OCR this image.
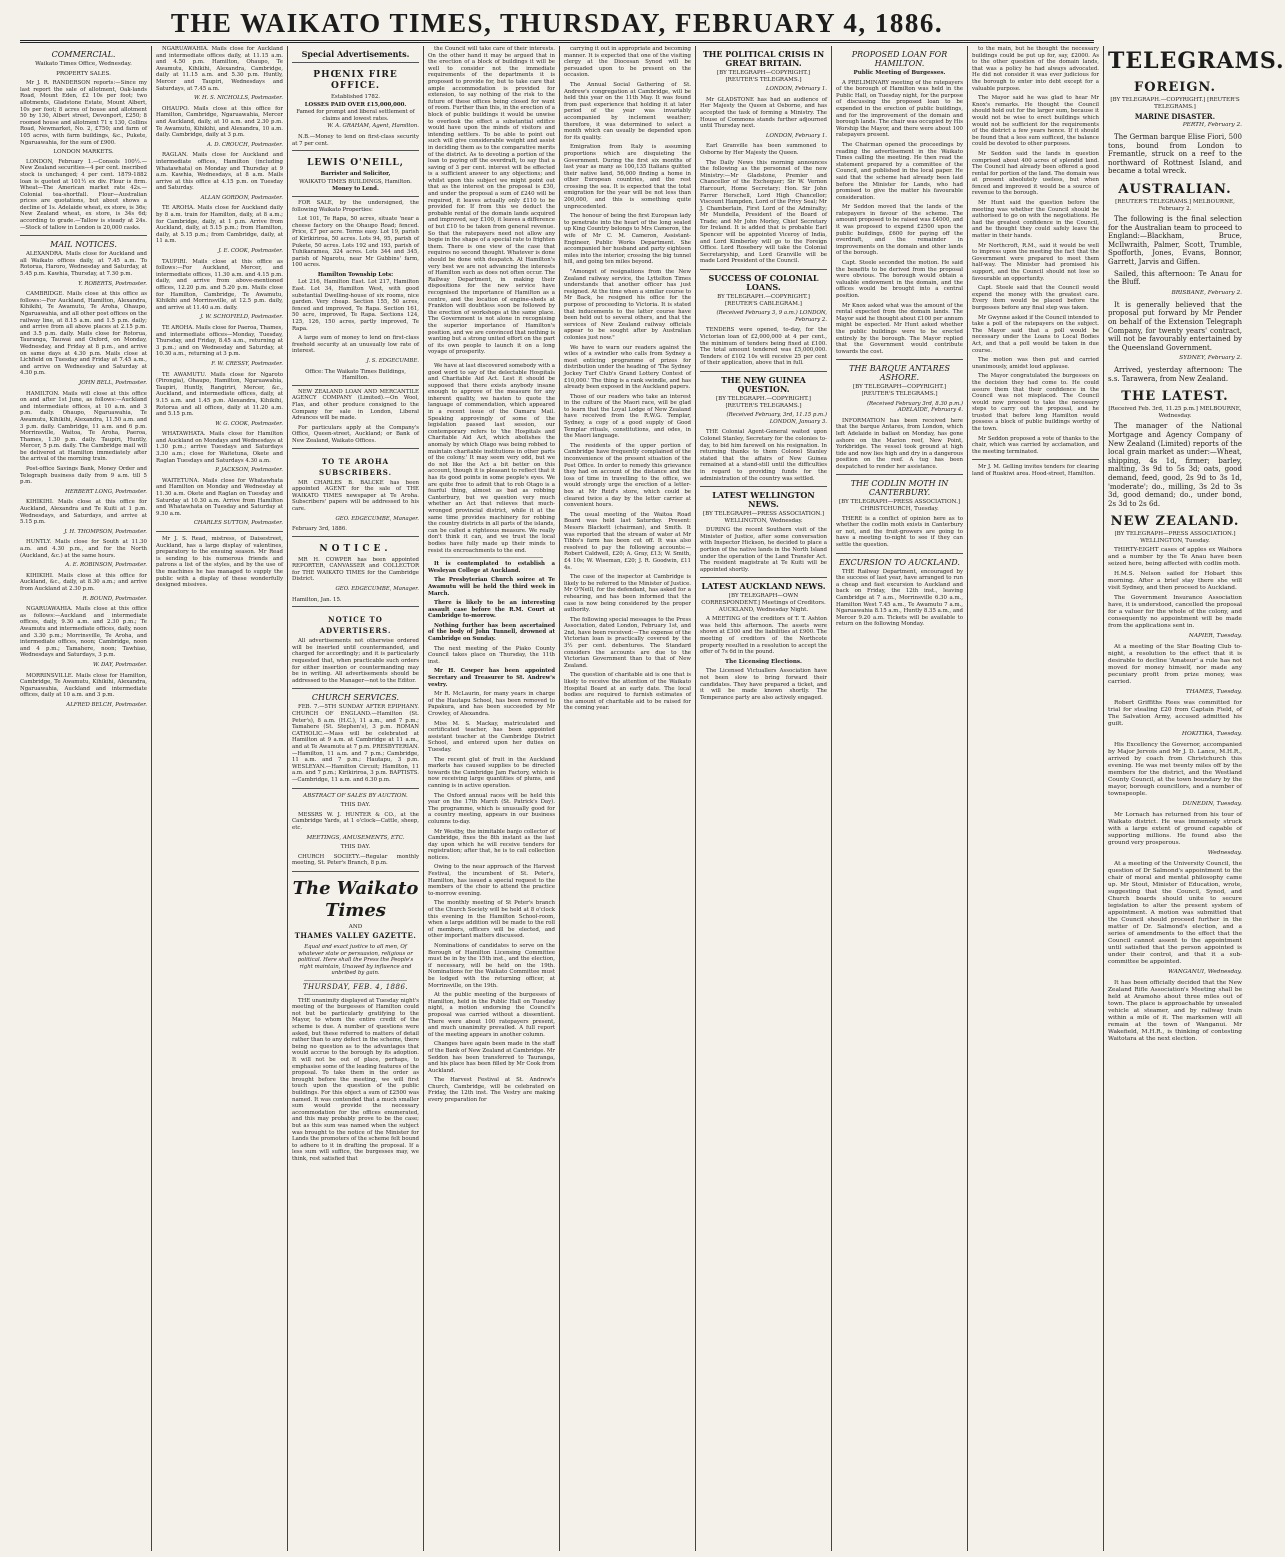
THE WAIKATO TIMES, THURSDAY, FEBRUARY 4, 1886.
COMMERCIAL.
Waikato Times Office, Wednesday.
PROPERTY SALES.

Mr J. R. RANDERSON reports:—Since my last report the sale of allotment, Oak-lands Road, Mount Eden, £2 10s per foot; two allotments, Gladstone Estate, Mount Albert, 10s per foot; 8 acres of house and allotment 50 by 130, Albert street, Devonport, £250; 8 roomed house and allotment 71 x 130, Collins Road, Newmarket, No. 2, £750; and farm of 105 acres, with farm buildings, &c., Pukete, Ngaruawahia, for the sum of £900.

LONDON MARKETS.

LONDON, February 1.—Consols 100½.—New Zealand securities—4 per cent. inscribed stock is unchanged; 4 per cent. 1879-1882 loan is quoted at 101½ ex div. Flour is firm. Wheat—The American market rate 42s.—Colonial tea-shortfall. Flour—Australian prices are quotations, but about shows a decline of 1s. Adelaide wheat, ex store, is 36s; New Zealand wheat, ex store, is 34s 6d; according to grade.—Tallow is steady at 24s.—Stock of tallow in London is 20,000 casks.

MAIL NOTICES.

ALEXANDRA. Mails close for Auckland and all Waikato offices daily, at 7.45 a.m. To Rotorua, Haroro, Wednesday and Saturday, at 5.45 p.m. Kawhia, Thursday, at 7.30 p.m.

Y. ROBERTS, Postmaster.

CAMBRIDGE. Mails close at this office as follows:—For Auckland, Hamilton, Alexandra, Kihikihi, Te Awamutu, Te Aroha, Ohaupo, Ngaruawahia, and all other post offices on the railway line, at 8.15 a.m. and 1.5 p.m. daily; and arrive from all above places at 2.15 p.m. and 3.5 p.m. daily. Mails close for Rotorua, Tauranga, Tauwai and Oxford, on Monday, Wednesday, and Friday at 8 p.m., and arrive on same days at 4.30 p.m. Mails close at Lichfield on Tuesday and Friday at 7.45 a.m., and arrive on Wednesday and Saturday at 4.30 p.m.

JOHN BELL, Postmaster.

HAMILTON. Mails will close at this office on and after 1st June, as follows:—Auckland and intermediate offices, at 10 a.m. and 3 p.m. daily. Ohaupo, Ngaruawahia, Te Awamutu, Kihikihi, Alexandra, 11.50 a.m. and 3 p.m. daily. Cambridge, 11 a.m. and 6 p.m. Morrinsville, Waitoa, Te Aroha, Paeroa, Thames, 1.30 p.m. daily. Taupiri, Huntly, Mercer, 5 p.m. daily. The Cambridge mail will be delivered at Hamilton immediately after the arrival of the morning train.

Post-office Savings Bank, Money Order and Telegraph business daily from 9 a.m. till 5 p.m.

HERBERT LONG, Postmaster.

KIHIKIHI. Mails close at this office for Auckland, Alexandra and Te Kuiti at 1 p.m. Wednesdays, and Saturdays, and arrive at 5.15 p.m.

J. H. THOMPSON, Postmaster.

HUNTLY. Mails close for South at 11.30 a.m. and 4.30 p.m., and for the North (Auckland, &c.) at the same hours.

A. E. ROBINSON, Postmaster.

KIHIKIHI. Mails close at this office for Auckland, &c., daily, at 8.30 a.m.; and arrive from Auckland at 2.30 p.m.

R. BOUND, Postmaster.

NGARUAWAHIA. Mails close at this office as follows:—Auckland and intermediate offices, daily, 9.30 a.m. and 2.30 p.m.; Te Awamutu and intermediate offices, daily, noon and 3.30 p.m.; Morrinsville, Te Aroha, and intermediate offices, noon; Cambridge, noon and 4 p.m.; Tamahere, noon; Tawhiao, Wednesdays and Saturdays, 3 p.m.

W. DAY, Postmaster.

MORRINSVILLE. Mails close for Hamilton, Cambridge, Te Awamutu, Kihikihi, Alexandra, Ngaruawahia, Auckland and intermediate offices, daily at 10 a.m. and 3 p.m.

ALFRED BELCH, Postmaster.

NGARUAWAHIA. Mails close for Auckland and intermediate offices daily, at 11.15 a.m. and 4.50 p.m. Hamilton, Ohaupo, Te Awamutu, Kihikihi, Alexandra, Cambridge, daily at 11.15 a.m. and 5.30 p.m. Huntly, Mercer and Taupiri, Wednesdays and Saturdays, at 7.45 a.m.

W. H. S. NICHOLLS, Postmaster.

OHAUPO. Mails close at this office for Hamilton, Cambridge, Ngaruawahia, Mercer and Auckland, daily, at 10 a.m. and 2.30 p.m. Te Awamutu, Kihikihi, and Alexandra, 10 a.m. daily. Cambridge, daily at 3 p.m.

A. D. CROUCH, Postmaster.

RAGLAN. Mails close for Auckland and intermediate offices, Hamilton (including Whatawhata) on Monday and Thursday at 9 a.m. Kawhia, Wednesdays, at 8 a.m. Mails arrive at this office at 4.15 p.m. on Tuesday and Saturday.

ALLAN GORDON, Postmaster.

TE AROHA. Mails close for Auckland daily by 8 a.m. train for Hamilton, daily, at 8 a.m.; for Cambridge, daily, at 1 p.m. Arrive from Auckland, daily, at 5.15 p.m.; from Hamilton, daily, at 5.15 p.m.; from Cambridge, daily, at 11 a.m.

J. E. COOK, Postmaster.

TAUPIRI. Mails close at this office as follows:—For Auckland, Mercer, and intermediate offices, 11.30 a.m. and 4.15 p.m. daily, and arrive from above-mentioned offices, 12.20 p.m. and 5.20 p.m. Mails close for Hamilton, Cambridge, Te Awamutu, Kihikihi and Morrinsville, at 12.5 p.m. daily, and arrive at 11.40 a.m. daily.

J. W. SCHOFIELD, Postmaster.

TE AROHA. Mails close for Paeroa, Thames, and intermediate offices—Monday, Tuesday, Thursday, and Friday, 8.45 a.m., returning at 3 p.m.; and on Wednesday and Saturday, at 10.30 a.m., returning at 3 p.m.

F. W. CRESSY, Postmaster.

TE AWAMUTU. Mails close for Ngaroto (Pirongia), Ohaupo, Hamilton, Ngaruawahia, Taupiri, Huntly, Rangiriri, Mercer, &c., Auckland, and intermediate offices, daily, at 9.15 a.m. and 1.45 p.m. Alexandra, Kihikihi, Rotorua and all offices, daily at 11.20 a.m. and 5.15 p.m.

W. G. COOK, Postmaster.

WHATAWHATA. Mails close for Hamilton and Auckland on Mondays and Wednesdays at 1.30 p.m.; arrive Tuesdays and Saturdays 3.30 a.m.; close for Waitetuna, Okete and Raglan Tuesdays and Saturdays 4.30 a.m.

P. JACKSON, Postmaster.

WAITETUNA. Mails close for Whatawhata and Hamilton on Monday and Wednesday at 11.30 a.m. Okete and Raglan on Tuesday and Saturday at 10.30 a.m. Arrive from Hamilton and Whatawhata on Tuesday and Saturday at 9.30 a.m.

CHARLES SUTTON, Postmaster.

Mr J. S. Read, mistress, of Daisestreet, Auckland, has a large display of valentines, preparatory to the ensuing season. Mr Read is sending to his numerous friends and patrons a list of the styles, and by the use of the machines he has managed to supply the public with a display of these wonderfully designed missives.

Special Advertisements.
PHŒNIX FIRE OFFICE.
Established 1782.
LOSSES PAID OVER £15,000,000.
Famed for prompt and liberal settlement of claims and lowest rates.
W. A. GRAHAM, Agent, Hamilton.

N.B.—Money to lend on first-class security at 7 per cent.

LEWIS O'NEILL,
Barrister and Solicitor,
WAIKATO TIMES BUILDINGS, Hamilton.
Money to Lend.

FOR SALE, by the undersigned, the following Waikato Properties:

Lot 101, Te Rapa, 50 acres, situate 'near a cheese factory on the Ohaupo Road; fenced. Price, £7 per acre. Terms easy. Lot 19, parish of Kirikiriroa, 50 acres. Lots 94, 95, parish of Pukete, 50 acres. Lots 192 and 193, parish of Tuhikaramea, 324 acres. Lots 344 and 345, parish of Ngarotu, near Mr Gubbins' farm, 100 acres.

Hamilton Township Lots:

Lot 216, Hamilton East. Lot 217, Hamilton East. Lot 34, Hamilton West, with good substantial Dwelling-house of six rooms, nice garden. Very cheap. Section 155, 50 acres, fenced and improved, Te Rapa. Section 161, 50 acre, improved, Te Rapa. Sections 124, 125, 126, 150 acres, partly improved, Te Rapa.

A large sum of money to lend on first-class freehold security at an unusually low rate of interest.

J. S. EDGECUMBE.
Office: The Waikato Times Buildings, Hamilton.

NEW ZEALAND LOAN AND MERCANTILE AGENCY COMPANY (Limited).—On Wool, Flax, and other produce consigned to the Company for sale in London, Liberal Advances will be made.

For particulars apply at the Company's Office, Queen-street, Auckland; or Bank of New Zealand, Waikato Offices.

TO TE AROHA SUBSCRIBERS.

MR CHARLES B. BALCKE has been appointed AGENT for the sale of THE WAIKATO TIMES newspaper at Te Aroha. Subscribers' papers will be addressed to his care.

GEO. EDGECUMBE, Manager.
February 3rd, 1886.
NOTICE.

MR H. COWPER has been appointed REPORTER, CANVASSER and COLLECTOR for THE WAIKATO TIMES for the Cambridge District.

GEO. EDGECUMBE, Manager.
Hamilton, Jan. 15.
NOTICE TO ADVERTISERS.

All advertisements not otherwise ordered will be inserted until countermanded, and charged for accordingly; and it is particularly requested that, when practicable such orders for either insertion or countermanding may be in writing. All advertisements should be addressed to the Manager—not to the Editor.

CHURCH SERVICES.

FEB. 7.—5TH SUNDAY AFTER EPIPHANY. CHURCH OF ENGLAND.—Hamilton (St. Peter's), 8 a.m. (H.C.), 11 a.m., and 7 p.m.; Tamahere (St. Stephen's), 3 p.m. ROMAN CATHOLIC.—Mass will be celebrated at Hamilton at 9 a.m. at Cambridge at 11 a.m., and at Te Awamutu at 7 p.m. PRESBYTERIAN.—Hamilton, 11 a.m. and 7 p.m.; Cambridge, 11 a.m. and 7 p.m.; Hautapu, 3 p.m. WESLEYAN.—Hamilton Circuit; Hamilton, 11 a.m. and 7 p.m.; Kirikiriroa, 3 p.m. BAPTISTS.—Cambridge, 11 a.m. and 6.30 p.m.

ABSTRACT OF SALES BY AUCTION.
THIS DAY.

MESSRS W. J. HUNTER & CO., at the Cambridge Yards, at 1 o'clock—Cattle, sheep, etc.

MEETINGS, AMUSEMENTS, ETC.
THIS DAY.

CHURCH SOCIETY.—Regular monthly meeting, St. Peter's Branch, 8 p.m.

The Waikato Times
AND
THAMES VALLEY GAZETTE.

Equal and exact justice to all men, Of whatever state or persuasion, religious or political. Here shall the Press the People's right maintain, Unawed by influence and unbribed by gain.

THURSDAY, FEB. 4, 1886.

THE unanimity displayed at Tuesday night's meeting of the burgesses of Hamilton could not but be particularly gratifying to the Mayor, to whom the entire credit of the scheme is due. A number of questions were asked, but these referred to matters of detail rather than to any defect in the scheme, there being no question as to the advantages that would accrue to the borough by its adoption. It will not be out of place, perhaps, to emphasise some of the leading features of the proposal. To take them in the order as brought before the meeting, we will first touch upon the question of the public buildings. For this object a sum of £2500 was named. It was contended that a much smaller sum would provide the necessary accommodation for the offices enumerated, and this may probably prove to be the case; but as this sum was named when the subject was brought to the notice of the Minister for Lands the promoters of the scheme felt bound to adhere to it in drafting the proposal. If a less sum will suffice, the burgesses may, we think, rest satisfied that

the Council will take care of their interests. On the other hand it may be argued that in the erection of a block of buildings it will be well to consider not the immediate requirements of the departments it is proposed to provide for, but to take care that ample accommodation is provided for extension, to say nothing of the risk to the future of these offices being closed for want of room. Further than this, in the erection of a block of public buildings it would be unwise to overlook the effect a substantial edifice would have upon the minds of visitors and intending settlers. To be able to point out such will give considerable weight and assist in deciding them as to the comparative merits of the district. As to devoting a portion of the loan to paying off the overdraft, to say that a saving of 3 per cent. interest will be effected is a sufficient answer to any objections; and whilst upon this subject we might point out that as the interest on the proposal is £30, and under the proposal a sum of £240 will be required, it leaves actually only £110 to be provided for. If from this we deduct the probable rental of the domain lands acquired and improved, say £100, it leaves a difference of but £10 to be taken from general revenue. So that the ratepayers need not allow any bogie in the shape of a special rate to frighten them. There is one view of the case that requires no second thought. Whatever is done should be done with despatch. At Hamilton's very best we are not advancing the interests of Hamilton such as does not often occur. The Railway Department, in making their dispositions for the new service have recognised the importance of Hamilton as a centre, and the location of engine-sheds at Frankton will doubtless soon be followed by the erection of workshops at the same place. The Government is not alone in recognising the superior importance of Hamilton's position, and we are convinced that nothing is wanting but a strong united effort on the part of its own people to launch it on a long voyage of prosperity.

We have at last discovered somebody with a good word to say of the delectable Hospitals and Charitable Aid Act. Lest it should be supposed that there exists anybody insane enough to approve of the measure for any inherent quality, we hasten to quote the language of commendation, which appeared in a recent issue of the Oamaru Mail. Speaking approvingly of some of the legislation passed last session, our contemporary refers to 'the Hospitals and Charitable Aid Act, which abolishes the anomaly by which Otago was being robbed to maintain charitable institutions in other parts of the colony.' It may seem very odd, but we do not like the Act a bit better on this account, though it is pleasant to reflect that it has its good points in some people's eyes. We are quite free to admit that to rob Otago is a fearful thing, almost as bad as robbing Canterbury, but we question very much whether an Act that relieves that much-wronged provincial district, while it at the same time provides machinery for robbing the country districts in all parts of the islands, can be called a righteous measure. We really don't think it can, and we trust the local bodies have fully made up their minds to resist its encroachments to the end.

It is contemplated to establish a Wesleyan College at Auckland.

The Presbyterian Church soiree at Te Awamutu will be held the third week in March.

There is likely to be an interesting assault case before the R.M. Court at Cambridge to-morrow.

Nothing further has been ascertained of the body of John Tunnell, drowned at Cambridge on Sunday.

The next meeting of the Piako County Council takes place on Thursday, the 11th inst.

Mr H. Cowper has been appointed Secretary and Treasurer to St. Andrew's vestry.

Mr R. McLaurin, for many years in charge of the Hautapu School, has been removed to Papakura, and has been succeeded by Mr Crowley, of Alexandra.

Miss M. S. Mackay, matriculated and certificated teacher, has been appointed assistant teacher at the Cambridge District School, and entered upon her duties on Tuesday.

The recent glut of fruit in the Auckland markets has caused supplies to be directed towards the Cambridge Jam Factory, which is now receiving large quantities of plums, and canning is in active operation.

The Oxford annual races will be held this year on the 17th March (St. Patrick's Day). The programme, which is unusually good for a country meeting, appears in our business columns to-day.

Mr Westby, the inimitable banjo collector of Cambridge, fixes the 8th instant as the last day upon which he will receive tenders for registration; after that, he is to call collection notices.

Owing to the near approach of the Harvest Festival, the incumbent of St. Peter's, Hamilton, has issued a special request to the members of the choir to attend the practice to-morrow evening.

The monthly meeting of St Peter's branch of the Church Society will be held at 8 o'clock this evening in the Hamilton School-room, when a large addition will be made to the roll of members, officers will be elected, and other important matters discussed.

Nominations of candidates to serve on the Borough of Hamilton Licensing Committee must be in by the 15th inst., and the election, if necessary, will be held on the 19th. Nominations for the Waikato Committee must be lodged with the returning officer, at Morrinsville, on the 19th.

At the public meeting of the burgesses of Hamilton, held in the Public Hall on Tuesday night, a motion endorsing the Council's proposal was carried without a dissentient. There were about 100 ratepayers present, and much unanimity prevailed. A full report of the meeting appears in another column.

Changes have again been made in the staff of the Bank of New Zealand at Cambridge. Mr Seddon has been transferred to Tauranga, and his place has been filled by Mr Cook from Auckland.

The Harvest Festival at St. Andrew's Church, Cambridge, will be celebrated on Friday, the 12th inst. The Vestry are making every preparation for

carrying it out in appropriate and becoming manner. It is expected that one of the visiting clergy at the Diocesan Synod will be persuaded upon to be present on the occasion.

The Annual Social Gathering of St. Andrew's congregation at Cambridge, will be held this year on the 11th May. It was found from past experience that holding it at later period of the year was invariably accompanied by inclement weather; therefore, it was determined to select a month which can usually be depended upon for its quality.

Emigration from Italy is assuming proportions which are disquieting the Government. During the first six months of last year as many as 100,135 Italians quitted their native land, 56,000 finding a home in other European countries, and the rest crossing the sea. It is expected that the total emigration for the year will be not less than 200,000, and this is something quite unprecedented.

The honour of being the first European lady to penetrate into the heart of the long sealed up King Country belongs to Mrs Cameron, the wife of Mr C. M. Cameron, Assistant-Engineer, Public Works Department. She accompanied her husband and party eighteen miles into the interior, crossing the big tunnel hill, and going ten miles beyond.

"Amongst of resignations from the New Zealand railway service, the Lyttelton Times understands that another officer has just resigned. At the time when a similar course to Mr Back, he resigned his office for the purpose of proceeding to Victoria. It is stated that inducements to the latter course have been held out to several others, and that the services of New Zealand railway officials appear to be sought after by Australian colonies just now."

We have to warn our readers against the wiles of a swindler who calls from Sydney a most enticing programme of prizes for distribution under the heading of 'The Sydney Jockey Turf Club's Grand Lottery Contest of £10,000.' The thing is a rank swindle, and has already been exposed in the Auckland papers.

Those of our readers who take an interest in the culture of the Maori race, will be glad to learn that the Loyal Lodge of New Zealand have received from the R.W.G. Templar, Sydney, a copy of a good supply of Good Templar rituals, constitutions, and odes, in the Maori language.

The residents of the upper portion of Cambridge have frequently complained of the inconvenience of the present situation of the Post Office. In order to remedy this grievance they had on account of the distance and the loss of time in travelling to the office, we would strongly urge the erection of a letter-box at Mr Reid's store, which could be cleared twice a day by the letter carrier at convenient hours.

The usual meeting of the Waitoa Road Board was held last Saturday. Present: Messrs Blackett (chairman), and Smith. It was reported that the stream of water at Mr Tibbs's farm has been cut off. It was also resolved to pay the following accounts:—Robert Caldwell, £20; A. Gray, £13; W. Smith, £4 10s; W. Wiseman, £20; J. R. Goodwin, £11 4s.

The case of the inspector at Cambridge is likely to be referred to the Minister of Justice. Mr O'Neill, for the defendant, has asked for a rehearing, and has been informed that the case is now being considered by the proper authority.

The following special messages to the Press Association, dated London, February 1st, and 2nd, have been received:—The expense of the Victorian loan is practically covered by the 3½ per cent. debentures. The Standard considers the accounts are due to the Victorian Government than to that of New Zealand.

The question of charitable aid is one that is likely to receive the attention of the Waikato Hospital Board at an early date. The local bodies are required to furnish estimates of the amount of charitable aid to be raised for the coming year.

THE POLITICAL CRISIS IN GREAT BRITAIN.
[BY TELEGRAPH—COPYRIGHT.] [REUTER'S TELEGRAMS.]
LONDON, February 1.

Mr GLADSTONE has had an audience of Her Majesty the Queen at Osborne, and has accepted the task of forming a Ministry. The House of Commons stands further adjourned until Thursday next.

LONDON, February 1.

Earl Granville has been summoned to Osborne by Her Majesty the Queen.

The Daily News this morning announces the following as the personnel of the new Ministry:—Mr Gladstone, Premier and Chancellor of the Exchequer; Sir W. Vernon Harcourt, Home Secretary; Hon. Sir John Farrer Herschell, Lord High Chancellor; Viscount Hampden, Lord of the Privy Seal; Mr J. Chamberlain, First Lord of the Admiralty; Mr Mundella, President of the Board of Trade; and Mr John Morley, Chief Secretary for Ireland. It is added that is probable Earl Spencer will be appointed Viceroy of India, and Lord Kimberley will go to the Foreign Office. Lord Rosebery will take the Colonial Secretaryship, and Lord Granville will be made Lord President of the Council.

SUCCESS OF COLONIAL LOANS.
BY TELEGRAPH.—COPYRIGHT.] [REUTER'S CABLEGRAM.]
(Received February 3, 9 a.m.) LONDON, February 2.

TENDERS were opened, to-day, for the Victorian loan of £2,000,000 at 4 per cent., the minimum of tenders being fixed at £100. The total amount tendered was £5,000,000. Tenders of £102 10s will receive 25 per cent of their application, above that in full.

THE NEW GUINEA QUESTION.
[BY TELEGRAPH.—COPYRIGHT.] [REUTER'S TELEGRAMS.]
(Received February, 3rd, 11.15 p.m.) LONDON, January 3.

THE Colonial Agent-General waited upon Colonel Stanley, Secretary for the colonies to-day, to bid him farewell on his resignation. In returning thanks to them Colonel Stanley stated that the affairs of New Guinea remained at a stand-still until the difficulties in regard to providing funds for the administration of the country was settled.

LATEST WELLINGTON NEWS.
[BY TELEGRAPH—PRESS ASSOCIATION.] WELLINGTON, Wednesday.

DURING the recent Southern visit of the Minister of Justice, after some conversation with Inspector Hickson, he decided to place a portion of the native lands in the North Island under the operation of the Land Transfer Act. The resident magistrate at Te Kuiti will be appointed shortly.

LATEST AUCKLAND NEWS.
[BY TELEGRAPH—OWN CORRESPONDENT.] Meetings of Creditors. AUCKLAND, Wednesday Night.

A MEETING of the creditors of T. T. Ashton was held this afternoon. The assets were shown at £300 and the liabilities at £900. The meeting of creditors of the Northcote property resulted in a resolution to accept the offer of 7s 6d in the pound.

The Licensing Elections.

The Licensed Victuallers Association have not been slow to bring forward their candidates. They have prepared a ticket, and it will be made known shortly. The Temperance party are also actively engaged.

PROPOSED LOAN FOR HAMILTON.
Public Meeting of Burgesses.

A PRELIMINARY meeting of the ratepayers of the borough of Hamilton was held in the Public Hall, on Tuesday night, for the purpose of discussing the proposed loan to be expended in the erection of public buildings, and for the improvement of the domain and borough lands. The chair was occupied by His Worship the Mayor, and there were about 100 ratepayers present.

The Chairman opened the proceedings by reading the advertisement in the Waikato Times calling the meeting. He then read the statement prepared by a committee of the Council, and published in the local paper. He said that the scheme had already been laid before the Minister for Lands, who had promised to give the matter his favourable consideration.

Mr Seddon moved that the lands of the ratepayers in favour of the scheme. The amount proposed to be raised was £4000, and it was proposed to expend £2500 upon the public buildings, £600 for paying off the overdraft, and the remainder in improvements on the domain and other lands of the borough.

Capt. Steele seconded the motion. He said the benefits to be derived from the proposal were obvious. The borough would obtain a valuable endowment in the domain, and the offices would be brought into a central position.

Mr Knox asked what was the amount of the rental expected from the domain lands. The Mayor said he thought about £100 per annum might be expected. Mr Hunt asked whether the public buildings were to be erected entirely by the borough. The Mayor replied that the Government would contribute towards the cost.

THE BARQUE ANTARES ASHORE.
[BY TELEGRAPH—COPYRIGHT.] [REUTER'S TELEGRAMS.]
(Received February 3rd, 8.30 p.m.) ADELAIDE, February 4.

INFORMATION has been received here that the barque Antares, from London, which left Adelaide in ballast on Monday, has gone ashore on the Marion reef, New Point, Yorkbridge. The vessel took ground at high tide and now lies high and dry in a dangerous position on the reef. A tug has been despatched to render her assistance.

THE CODLIN MOTH IN CANTERBURY.
[BY TELEGRAPH—PRESS ASSOCIATION.] CHRISTCHURCH, Tuesday.

THERE is a conflict of opinion here as to whether the codlin moth exists in Canterbury or not, and the fruit-growers are going to have a meeting to-night to see if they can settle the question.

EXCURSION TO AUCKLAND.

THE Railway Department, encouraged by the success of last year, have arranged to run a cheap and fast excursion to Auckland and back on Friday, the 12th inst., leaving Cambridge at 7 a.m., Morrinsville 6.30 a.m., Hamilton West 7.45 a.m., Te Awamutu 7 a.m., Ngaruawahia 8.15 a.m., Huntly 8.35 a.m., and Mercer 9.20 a.m. Tickets will be available to return on the following Monday.

to the main, but he thought the necessary buildings could be put up for, say, £2000. As to the other question of the domain lands, that was a policy he had always advocated. He did not consider it was ever judicious for the borough to enter into debt except for a valuable purpose.

The Mayor said he was glad to hear Mr Knox's remarks. He thought the Council should hold out for the larger sum, because it would not be wise to erect buildings which would not be sufficient for the requirements of the district a few years hence. If it should be found that a less sum sufficed, the balance could be devoted to other purposes.

Mr Seddon said the lands in question comprised about 400 acres of splendid land. The Council had already been offered a good rental for portion of the land. The domain was at present absolutely useless, but when fenced and improved it would be a source of revenue to the borough.

Mr Hunt said the question before the meeting was whether the Council should be authorised to go on with the negotiations. He had the greatest confidence in the Council, and he thought they could safely leave the matter in their hands.

Mr Northcroft, R.M., said it would be well to impress upon the meeting the fact that the Government were prepared to meet them half-way. The Minister had promised his support, and the Council should not lose so favourable an opportunity.

Capt. Steele said that the Council would expend the money with the greatest care. Every item would be placed before the burgesses before any final step was taken.

Mr Gwynne asked if the Council intended to take a poll of the ratepayers on the subject. The Mayor said that a poll would be necessary under the Loans to Local Bodies Act, and that a poll would be taken in due course.

The motion was then put and carried unanimously, amidst loud applause.

The Mayor congratulated the burgesses on the decision they had come to. He could assure them that their confidence in the Council was not misplaced. The Council would now proceed to take the necessary steps to carry out the proposal, and he trusted that before long Hamilton would possess a block of public buildings worthy of the town.

Mr Seddon proposed a vote of thanks to the chair, which was carried by acclamation, and the meeting terminated.

Mr J. M. Gelling invites tenders for clearing land of Ruakiwi area. Hood-street, Hamilton.

TELEGRAMS.
FOREIGN.
[BY TELEGRAPH.—COPYRIGHT.] [REUTER'S TELEGRAMS.]
MARINE DISASTER.
PERTH, February 2.

The German barque Elise Fiori, 500 tons, bound from London to Fremantle, struck on a reef to the northward of Rottnest Island, and became a total wreck.

AUSTRALIAN.
[REUTER'S TELEGRAMS.] MELBOURNE, February 2.

The following is the final selection for the Australian team to proceed to England:—Blackham, Bruce, McIlwraith, Palmer, Scott, Trumble, Spofforth, Jones, Evans, Bonnor, Garrett, Jarvis and Giffen.

Sailed, this afternoon: Te Anau for the Bluff.

BRISBANE, February 2.

It is generally believed that the proposal put forward by Mr Pender on behalf of the Extension Telegraph Company, for twenty years' contract, will not be favourably entertained by the Queensland Government.

SYDNEY, February 2.

Arrived, yesterday afternoon: The s.s. Tarawera, from New Zealand.

THE LATEST.
[Received Feb. 3rd, 11.25 p.m.] MELBOURNE, Wednesday.

The manager of the National Mortgage and Agency Company of New Zealand (Limited) reports of the local grain market as under:—Wheat, shipping, 4s 1d, firmer; barley, malting, 3s 9d to 5s 3d; oats, good demand, feed, good, 2s 9d to 3s 1d, 'moderate'; do., milling, 3s 2d to 3s 3d, good demand; do., under bond, 2s 3d to 2s 6d.

NEW ZEALAND.
[BY TELEGRAPH—PRESS ASSOCIATION.] WELLINGTON, Tuesday.

THIRTY-EIGHT cases of apples ex Waihora and a number by the Te Anau have been seized here, being affected with codlin moth.

H.M.S. Nelson sailed for Hobart this morning. After a brief stay there she will visit Sydney, and then proceed to Auckland.

The Government Insurance Association have, it is understood, cancelled the proposal for a valuer for the whole of the colony, and consequently no appointment will be made from the applications sent in.

NAPIER, Tuesday.

At a meeting of the Star Boating Club to-night, a resolution to the effect that it is desirable to decline 'Amateur' a rule has not moved for money himself, nor made any pecuniary profit from prize money, was carried.

THAMES, Tuesday.

Robert Griffiths Rees was committed for trial for stealing £20 from Captain Field, of The Salvation Army, accused admitted his guilt.

HOKITIKA, Tuesday.

His Excellency the Governor, accompanied by Major Jervois and Mr J. D. Lance, M.H.R., arrived by coach from Christchurch this evening. He was met twenty miles off by the members for the district, and the Westland County Council, at the town boundary by the mayor, borough councillors, and a number of townspeople.

DUNEDIN, Tuesday.

Mr Lornach has returned from his tour of Waikato district. He was immensely struck with a large extent of ground capable of supporting millions. He found also the ground very prosperous.

Wednesday.

At a meeting of the University Council, the question of Dr Salmond's appointment to the chair of moral and mental philosophy came up. Mr Stout, Minister of Education, wrote, suggesting that the Council, Synod, and Church boards should unite to secure legislation to alter the present system of appointment. A motion was submitted that the Council should proceed further in the matter of Dr. Salmond's election, and a series of amendments to the effect that the Council cannot assent to the appointment until satisfied that the person appointed is under their control, and that it a sub-committee be appointed.

WANGANUI, Wednesday.

It has been officially decided that the New Zealand Rifle Association's Meeting shall be held at Aramoho about three miles out of town. The place is approachable by unsealed vehicle at steamer, and by railway train within a mile of it. The marksmen will all remain at the town of Wanganui. Mr Wakefield, M.H.R., is thinking of contesting Waitotara at the next election.
